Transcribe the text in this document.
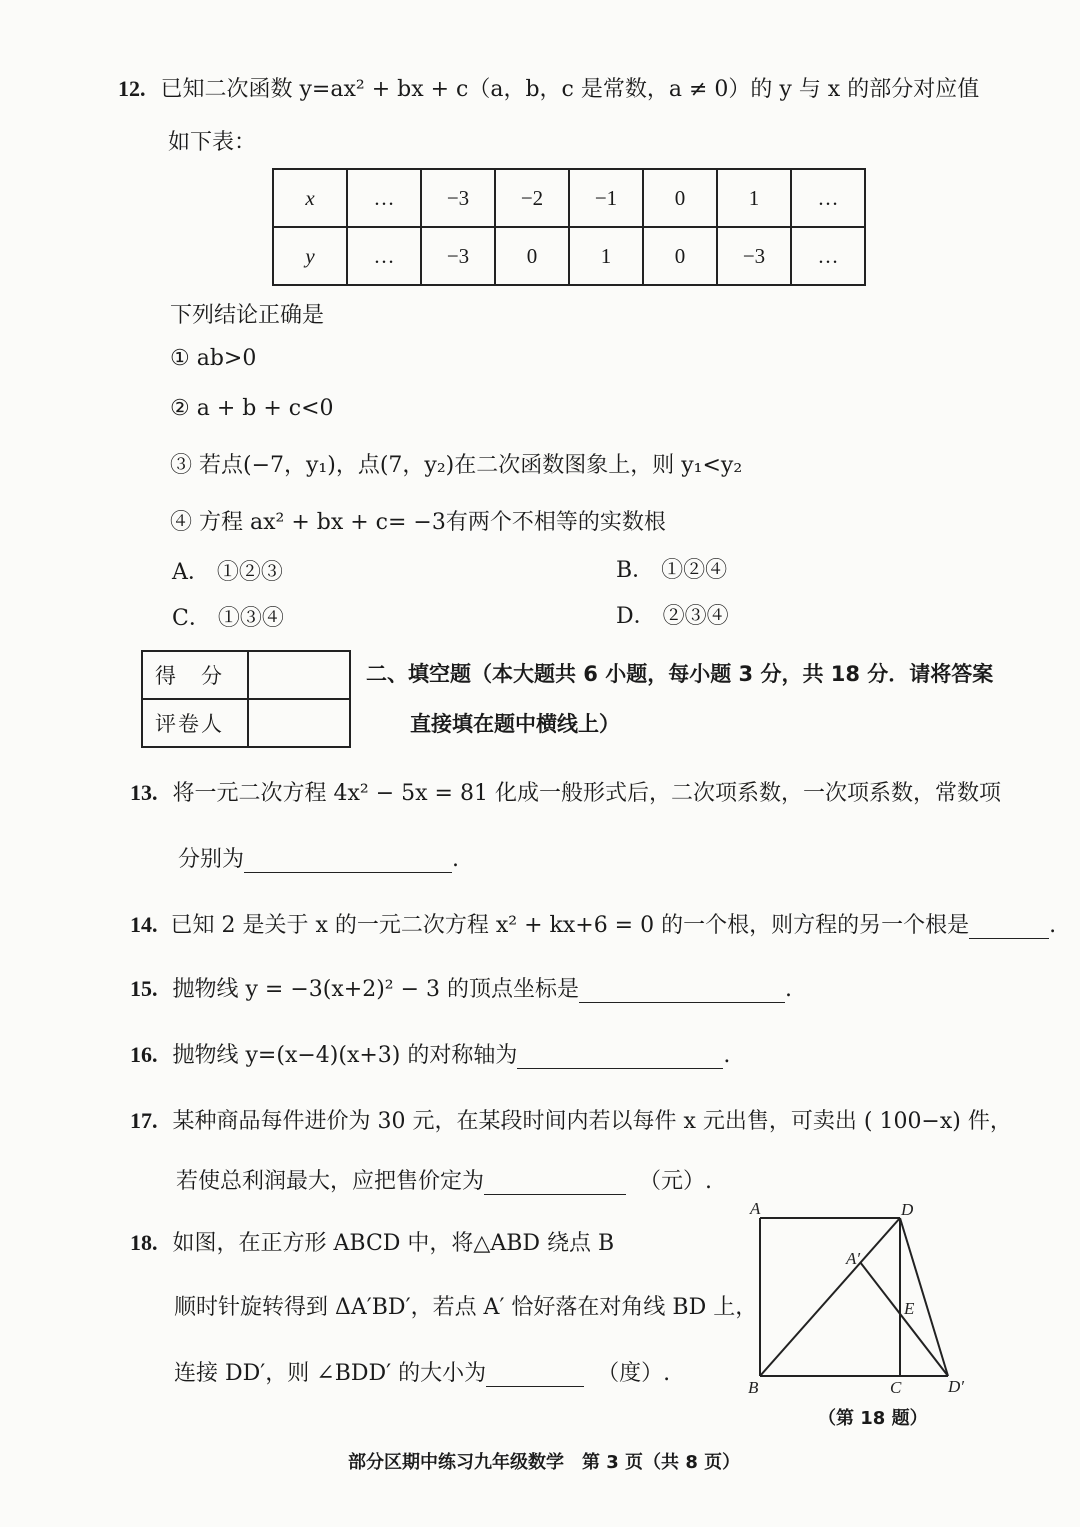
12. 已知二次函数 y=ax² + bx + c（a，b，c 是常数，a ≠ 0）的 y 与 x 的部分对应值
如下表：
x	…	−3	−2	−1	0	1	…
y	…	−3	0	1	0	−3	…
下列结论正确是
① ab>0
② a + b + c<0
③ 若点(−7，y₁)，点(7，y₂)在二次函数图象上，则 y₁<y₂
④ 方程 ax² + bx + c= −3有两个不相等的实数根
A． ①②③	B． ①②④
C． ①③④	D． ②③④
得　分	
评卷人	
二、填空题（本大题共 6 小题，每小题 3 分，共 18 分．请将答案
直接填在题中横线上）
13. 将一元二次方程 4x² − 5x = 81 化成一般形式后，二次项系数，一次项系数，常数项
分别为	.
14. 已知 2 是关于 x 的一元二次方程 x² + kx+6 = 0 的一个根，则方程的另一个根是	.
15. 抛物线 y = −3(x+2)² − 3 的顶点坐标是	.
16. 抛物线 y=(x−4)(x+3) 的对称轴为	.
17. 某种商品每件进价为 30 元，在某段时间内若以每件 x 元出售，可卖出 ( 100−x) 件，
若使总利润最大，应把售价定为	（元）.
18. 如图，在正方形 ABCD 中，将△ABD 绕点 B
顺时针旋转得到 ΔA′BD′，若点 A′ 恰好落在对角线 BD 上，
连接 DD′，则 ∠BDD′ 的大小为	（度）.
A	D
A′
E
B	C	D′
（第 18 题）
部分区期中练习九年级数学　第 3 页（共 8 页）
